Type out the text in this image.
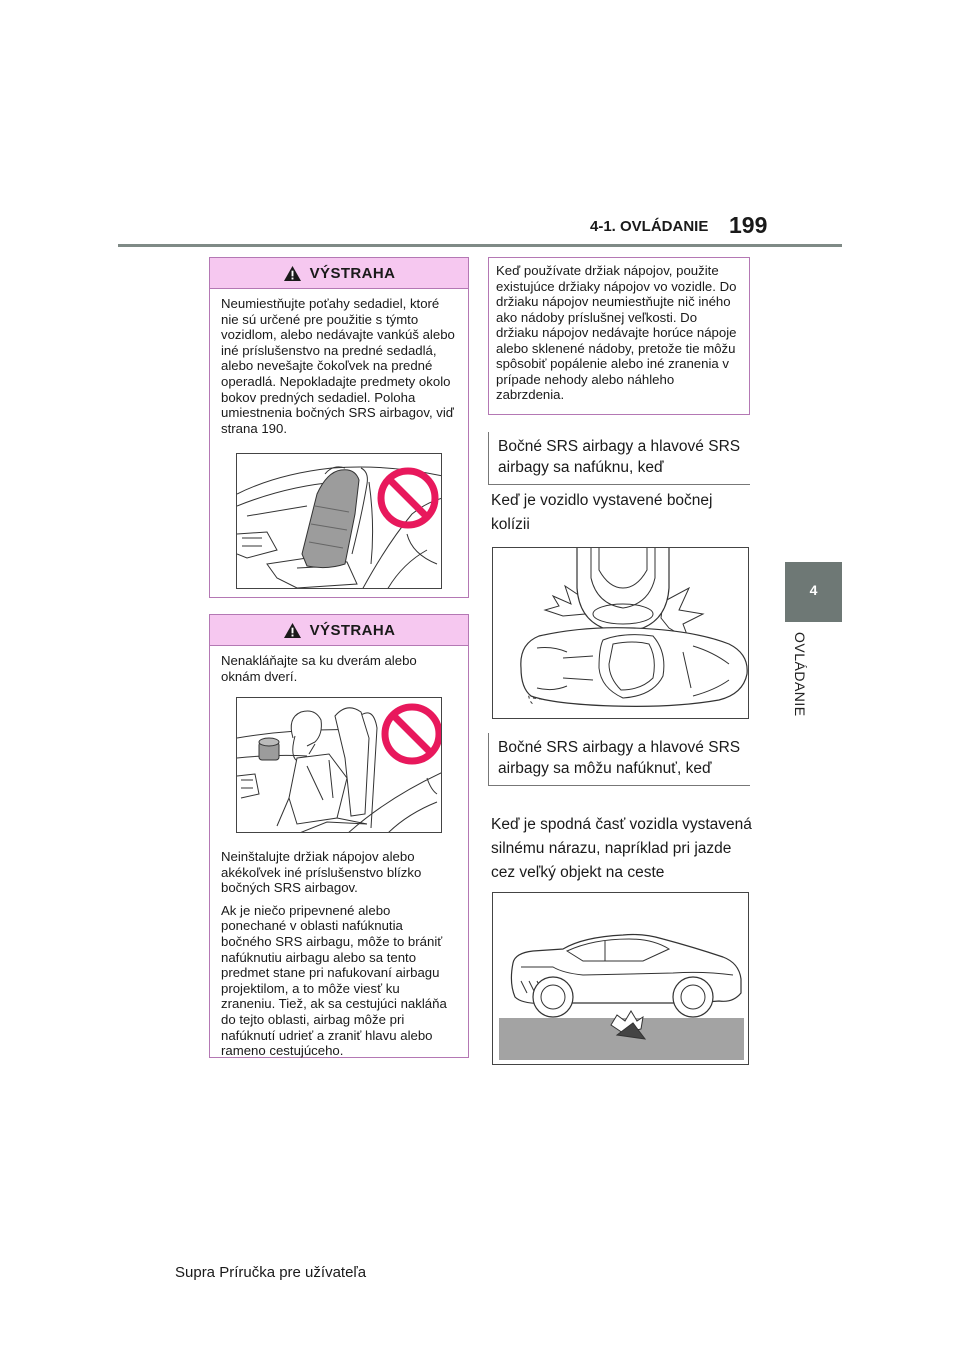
4-1. OVLÁDANIE 199
4
OVLÁDANIE
VÝSTRAHA
Neumiestňujte poťahy sedadiel, ktoré nie sú určené pre použitie s týmto vozidlom, alebo nedávajte vankúš alebo iné príslušenstvo na predné sedadlá, alebo nevešajte čokoľvek na predné operadlá. Nepokladajte predmety okolo bokov predných sedadiel. Poloha umiestnenia bočných SRS airbagov, viď strana 190.
VÝSTRAHA

Nenakláňajte sa ku dverám alebo oknám dverí.

Neinštalujte držiak nápojov alebo akékoľvek iné príslušenstvo blízko bočných SRS airbagov.

Ak je niečo pripevnené alebo ponechané v oblasti nafúknutia bočného SRS airbagu, môže to brániť nafúknutiu airbagu alebo sa tento predmet stane pri nafukovaní airbagu projektilom, a to môže viesť ku zraneniu. Tiež, ak sa cestujúci nakláňa do tejto oblasti, airbag môže pri nafúknutí udrieť a zraniť hlavu alebo rameno cestujúceho.

Keď používate držiak nápojov, použite existujúce držiaky nápojov vo vozidle. Do držiaku nápojov neumiestňujte nič iného ako nádoby príslušnej veľkosti. Do držiaku nápojov nedávajte horúce nápoje alebo sklenené nádoby, pretože tie môžu spôsobiť popálenie alebo iné zranenia v prípade nehody alebo náhleho zabrzdenia.
Bočné SRS airbagy a hlavové SRS airbagy sa nafúknu, keď
Keď je vozidlo vystavené bočnej kolízii
Bočné SRS airbagy a hlavové SRS airbagy sa môžu nafúknuť, keď
Keď je spodná časť vozidla vystavená silnému nárazu, napríklad pri jazde cez veľký objekt na ceste
Supra Príručka pre užívateľa
